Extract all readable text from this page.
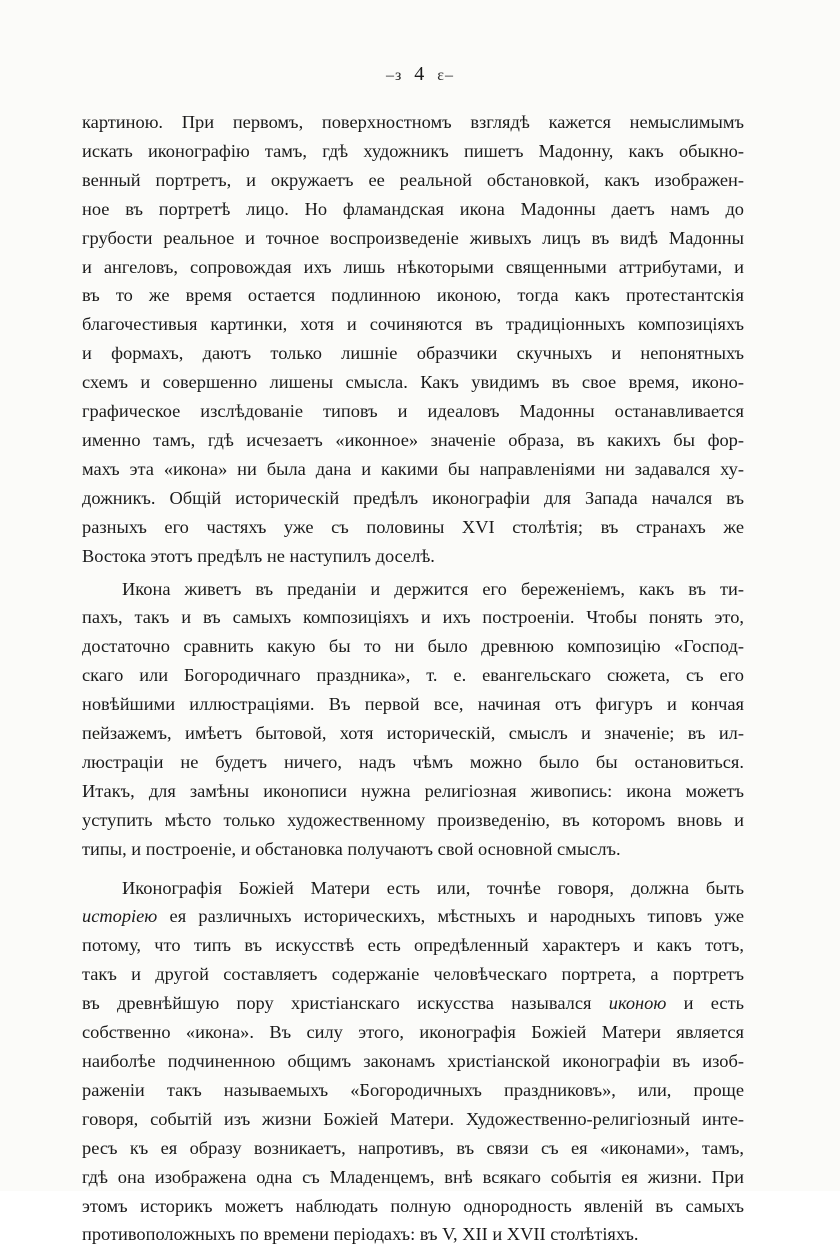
–з 4 ε–

картиною. При первомъ, поверхностномъ взглядѣ кажется немыслимымъ
искать иконографію тамъ, гдѣ художникъ пишетъ Мадонну, какъ обыкно-
венный портретъ, и окружаетъ ее реальной обстановкой, какъ изображен-
ное въ портретѣ лицо. Но фламандская икона Мадонны даетъ намъ до
грубости реальное и точное воспроизведеніе живыхъ лицъ въ видѣ Мадонны
и ангеловъ, сопровождая ихъ лишь нѣкоторыми священными аттрибутами, и
въ то же время остается подлинною иконою, тогда какъ протестантскія
благочестивыя картинки, хотя и сочиняются въ традиціонныхъ композиціяхъ
и формахъ, даютъ только лишніе образчики скучныхъ и непонятныхъ
схемъ и совершенно лишены смысла. Какъ увидимъ въ свое время, иконо-
графическое изслѣдованіе типовъ и идеаловъ Мадонны останавливается
именно тамъ, гдѣ исчезаетъ «иконное» значеніе образа, въ какихъ бы фор-
махъ эта «икона» ни была дана и какими бы направленіями ни задавался ху-
дожникъ. Общій историческій предѣлъ иконографіи для Запада начался въ
разныхъ его частяхъ уже съ половины XVI столѣтія; въ странахъ же
Востока этотъ предѣлъ не наступилъ доселѣ.

Икона живетъ въ преданіи и держится его береженіемъ, какъ въ ти-
пахъ, такъ и въ самыхъ композиціяхъ и ихъ построеніи. Чтобы понять это,
достаточно сравнить какую бы то ни было древнюю композицію «Господ-
скаго или Богородичнаго праздника», т. е. евангельскаго сюжета, съ его
новѣйшими иллюстраціями. Въ первой все, начиная отъ фигуръ и кончая
пейзажемъ, имѣетъ бытовой, хотя историческій, смыслъ и значеніе; въ ил-
люстраціи не будетъ ничего, надъ чѣмъ можно было бы остановиться.
Итакъ, для замѣны иконописи нужна религіозная живопись: икона можетъ
уступить мѣсто только художественному произведенію, въ которомъ вновь и
типы, и построеніе, и обстановка получаютъ свой основной смыслъ.

Иконографія Божіей Матери есть или, точнѣе говоря, должна быть
исторіею ея различныхъ историческихъ, мѣстныхъ и народныхъ типовъ уже
потому, что типъ въ искусствѣ есть опредѣленный характеръ и какъ тотъ,
такъ и другой составляетъ содержаніе человѣческаго портрета, а портретъ
въ древнѣйшую пору христіанскаго искусства назывался иконою и есть
собственно «икона». Въ силу этого, иконографія Божіей Матери является
наиболѣе подчиненною общимъ законамъ христіанской иконографіи въ изоб-
раженіи такъ называемыхъ «Богородичныхъ праздниковъ», или, проще
говоря, событій изъ жизни Божіей Матери. Художественно-религіозный инте-
ресъ къ ея образу возникаетъ, напротивъ, въ связи съ ея «иконами», тамъ,
гдѣ она изображена одна съ Младенцемъ, внѣ всякаго событія ея жизни. При
этомъ историкъ можетъ наблюдать полную однородность явленій въ самыхъ
противоположныхъ по времени періодахъ: въ V, XII и XVII столѣтіяхъ.
